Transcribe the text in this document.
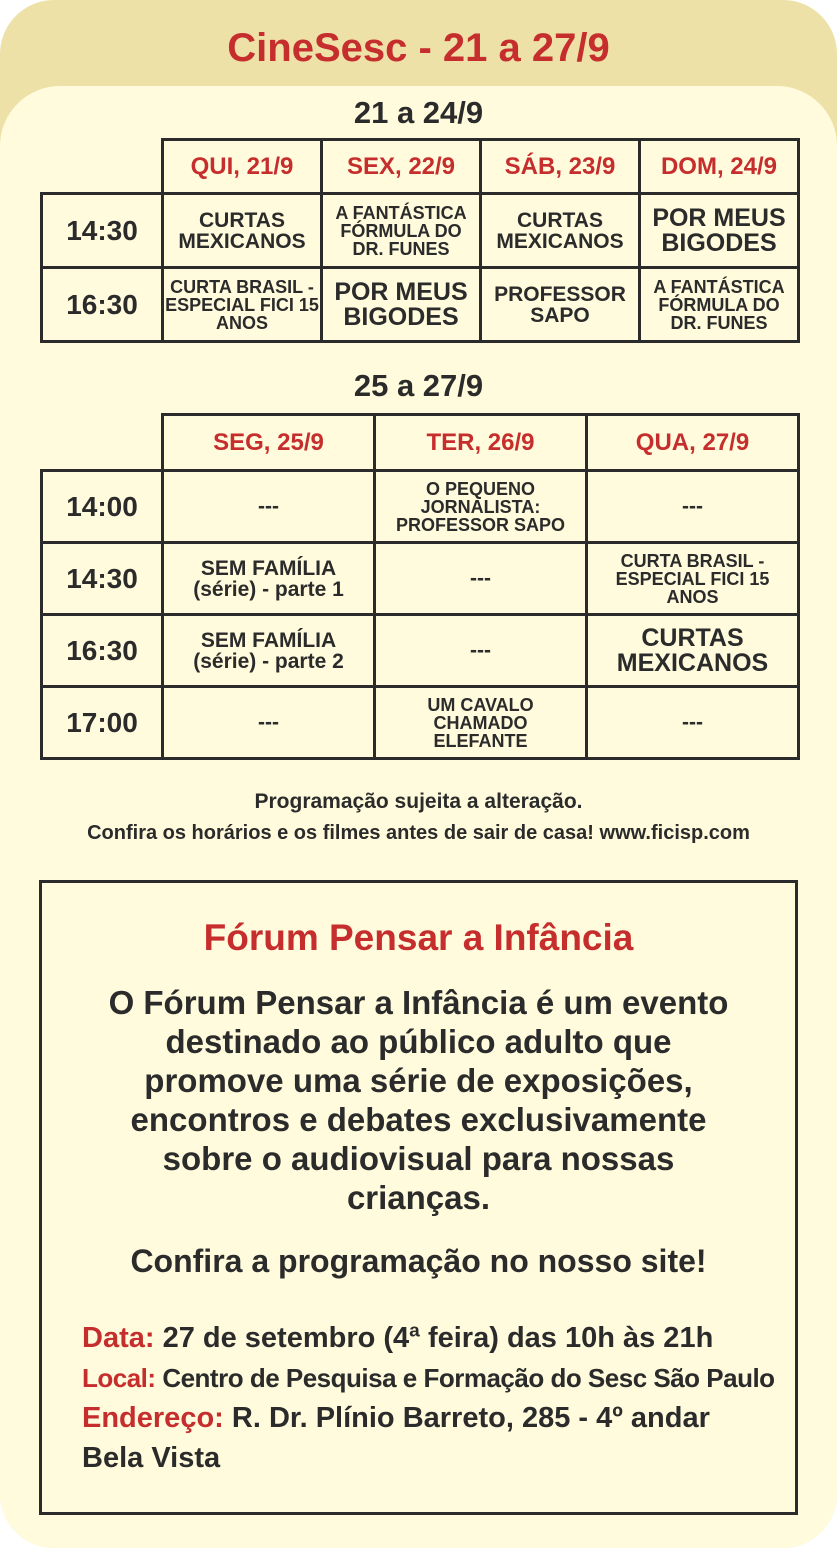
CineSesc - 21 a 27/9
21 a 24/9
	QUI, 21/9	SEX, 22/9	SÁB, 23/9	DOM, 24/9
14:30	CURTAS MEXICANOS	A FANTÁSTICA FÓRMULA DO DR. FUNES	CURTAS MEXICANOS	POR MEUS BIGODES
16:30	CURTA BRASIL - ESPECIAL FICI 15 ANOS	POR MEUS BIGODES	PROFESSOR SAPO	A FANTÁSTICA FÓRMULA DO DR. FUNES
25 a 27/9
	SEG, 25/9	TER, 26/9	QUA, 27/9
14:00	---	O PEQUENO JORNALISTA: PROFESSOR SAPO	---
14:30	SEM FAMÍLIA (série) - parte 1	---	CURTA BRASIL - ESPECIAL FICI 15 ANOS
16:30	SEM FAMÍLIA (série) - parte 2	---	CURTAS MEXICANOS
17:00	---	UM CAVALO CHAMADO ELEFANTE	---
Programação sujeita a alteração.
Confira os horários e os filmes antes de sair de casa! www.ficisp.com
Fórum Pensar a Infância
O Fórum Pensar a Infância é um evento destinado ao público adulto que promove uma série de exposições, encontros e debates exclusivamente sobre o audiovisual para nossas crianças.
Confira a programação no nosso site!
Data: 27 de setembro (4ª feira) das 10h às 21h
Local: Centro de Pesquisa e Formação do Sesc São Paulo
Endereço: R. Dr. Plínio Barreto, 285 - 4º andar
Bela Vista
